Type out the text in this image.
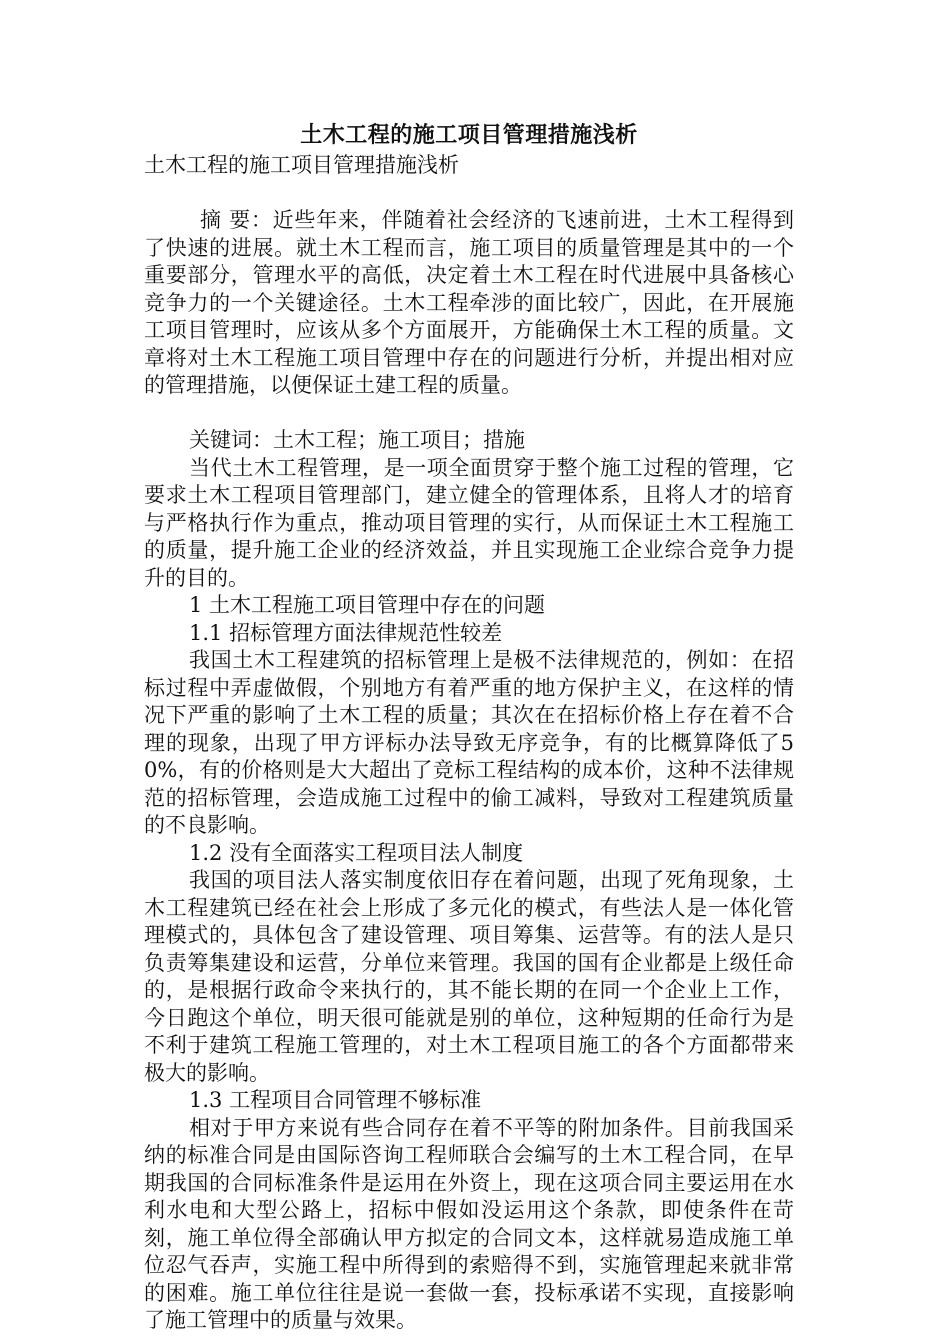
土木工程的施工项目管理措施浅析

土木工程的施工项目管理措施浅析

摘 要：近些年来，伴随着社会经济的飞速前进，土木工程得到了快速的进展。就土木工程而言，施工项目的质量管理是其中的一个重要部分，管理水平的高低，决定着土木工程在时代进展中具备核心竞争力的一个关键途径。土木工程牵涉的面比较广，因此，在开展施工项目管理时，应该从多个方面展开，方能确保土木工程的质量。文章将对土木工程施工项目管理中存在的问题进行分析，并提出相对应的管理措施，以便保证土建工程的质量。

关键词：土木工程；施工项目；措施

当代土木工程管理，是一项全面贯穿于整个施工过程的管理，它要求土木工程项目管理部门，建立健全的管理体系，且将人才的培育与严格执行作为重点，推动项目管理的实行，从而保证土木工程施工的质量，提升施工企业的经济效益，并且实现施工企业综合竞争力提升的目的。

1 土木工程施工项目管理中存在的问题

1.1 招标管理方面法律规范性较差

我国土木工程建筑的招标管理上是极不法律规范的，例如：在招标过程中弄虚做假，个别地方有着严重的地方保护主义，在这样的情况下严重的影响了土木工程的质量；其次在在招标价格上存在着不合理的现象，出现了甲方评标办法导致无序竞争，有的比概算降低了50%，有的价格则是大大超出了竞标工程结构的成本价，这种不法律规范的招标管理，会造成施工过程中的偷工减料，导致对工程建筑质量的不良影响。

1.2 没有全面落实工程项目法人制度

我国的项目法人落实制度依旧存在着问题，出现了死角现象，土木工程建筑已经在社会上形成了多元化的模式，有些法人是一体化管理模式的，具体包含了建设管理、项目筹集、运营等。有的法人是只负责筹集建设和运营，分单位来管理。我国的国有企业都是上级任命的，是根据行政命令来执行的，其不能长期的在同一个企业上工作，今日跑这个单位，明天很可能就是别的单位，这种短期的任命行为是不利于建筑工程施工管理的，对土木工程项目施工的各个方面都带来极大的影响。

1.3 工程项目合同管理不够标准

相对于甲方来说有些合同存在着不平等的附加条件。目前我国采纳的标准合同是由国际咨询工程师联合会编写的土木工程合同，在早期我国的合同标准条件是运用在外资上，现在这项合同主要运用在水利水电和大型公路上，招标中假如没运用这个条款，即使条件在苛刻，施工单位得全部确认甲方拟定的合同文本，这样就易造成施工单位忍气吞声，实施工程中所得到的索赔得不到，实施管理起来就非常的困难。施工单位往往是说一套做一套，投标承诺不实现，直接影响了施工管理中的质量与效果。
